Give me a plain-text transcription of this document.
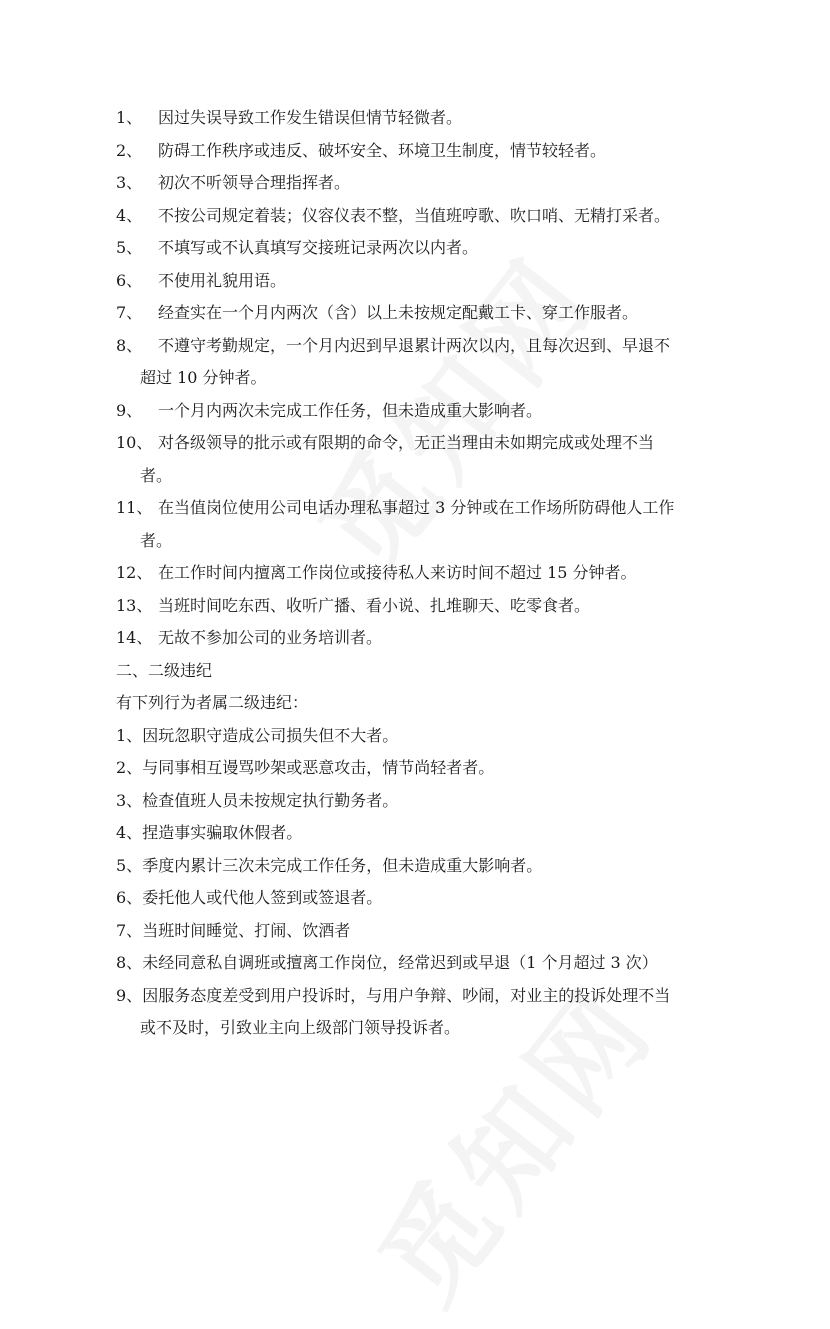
1、 因过失误导致工作发生错误但情节轻微者。
2、 防碍工作秩序或违反、破坏安全、环境卫生制度，情节较轻者。
3、 初次不听领导合理指挥者。
4、 不按公司规定着装；仪容仪表不整，当值班哼歌、吹口哨、无精打采者。
5、 不填写或不认真填写交接班记录两次以内者。
6、 不使用礼貌用语。
7、 经查实在一个月内两次（含）以上未按规定配戴工卡、穿工作服者。
8、 不遵守考勤规定，一个月内迟到早退累计两次以内，且每次迟到、早退不
超过 10 分钟者。
9、 一个月内两次未完成工作任务，但未造成重大影响者。
10、 对各级领导的批示或有限期的命令，无正当理由未如期完成或处理不当
者。
11、 在当值岗位使用公司电话办理私事超过 3 分钟或在工作场所防碍他人工作
者。
12、 在工作时间内擅离工作岗位或接待私人来访时间不超过 15 分钟者。
13、 当班时间吃东西、收听广播、看小说、扎堆聊天、吃零食者。
14、 无故不参加公司的业务培训者。
二、二级违纪
有下列行为者属二级违纪：
1、因玩忽职守造成公司损失但不大者。
2、与同事相互谩骂吵架或恶意攻击，情节尚轻者者。
3、检查值班人员未按规定执行勤务者。
4、捏造事实骗取休假者。
5、季度内累计三次未完成工作任务，但未造成重大影响者。
6、委托他人或代他人签到或签退者。
7、当班时间睡觉、打闹、饮酒者
8、未经同意私自调班或擅离工作岗位，经常迟到或早退（1 个月超过 3 次）
9、因服务态度差受到用户投诉时，与用户争辩、吵闹，对业主的投诉处理不当
或不及时，引致业主向上级部门领导投诉者。
